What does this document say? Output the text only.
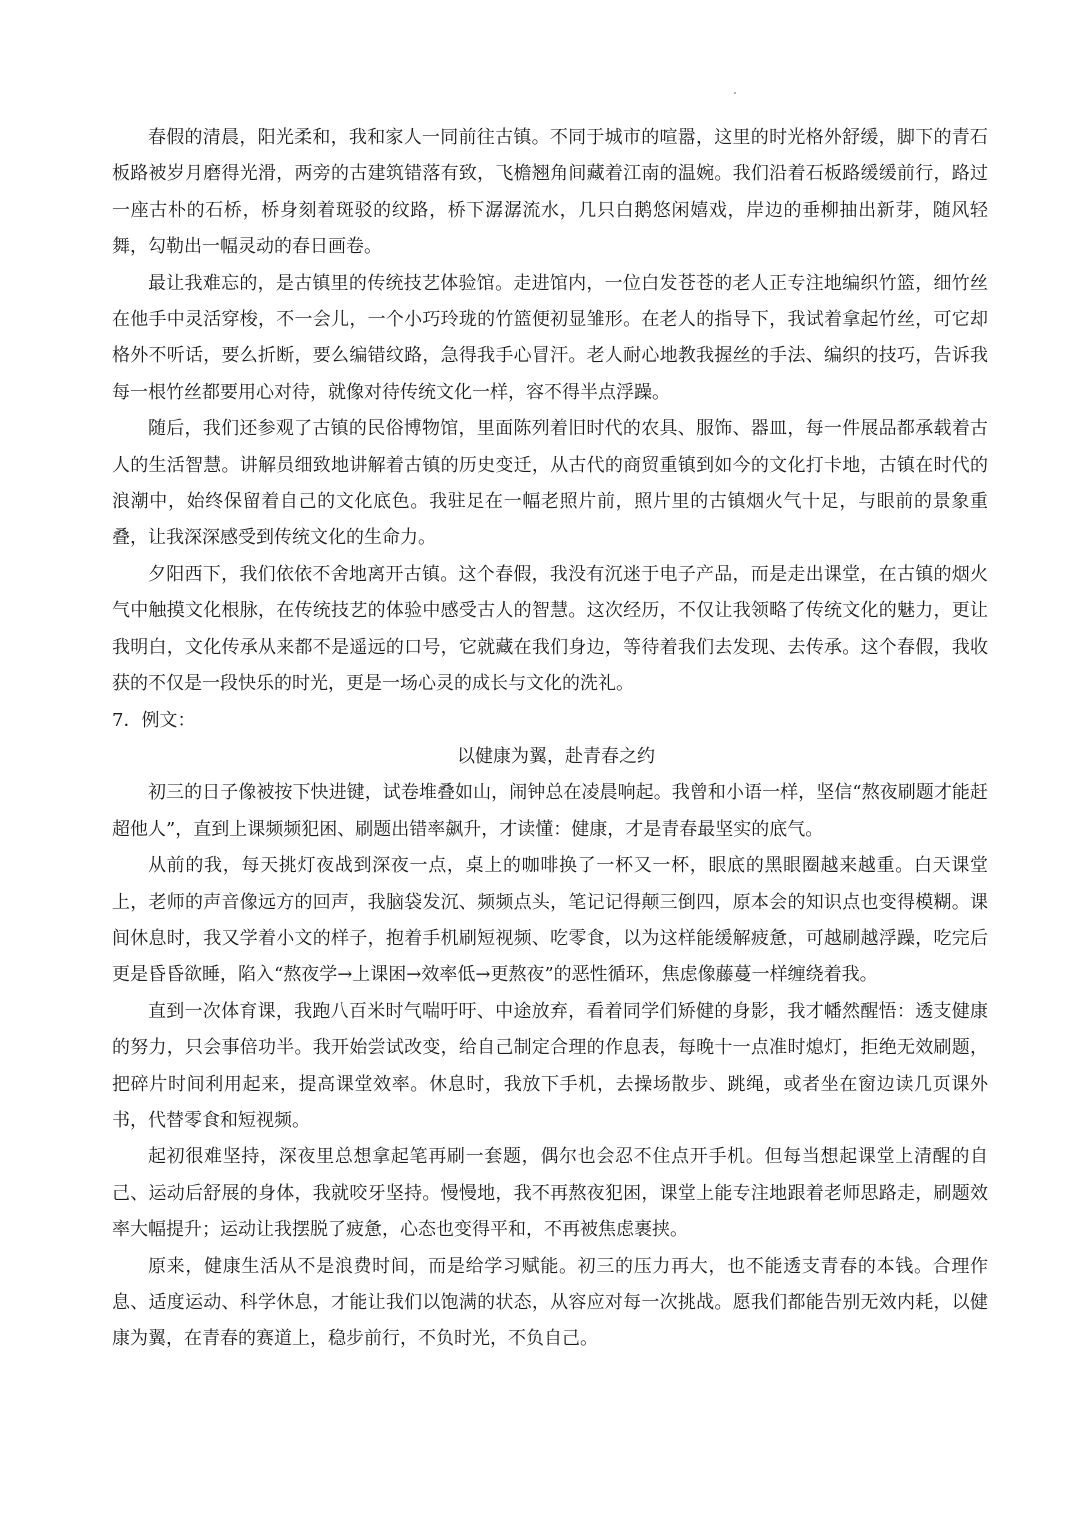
春假的清晨，阳光柔和，我和家人一同前往古镇。不同于城市的喧嚣，这里的时光格外舒缓，脚下的青石板路被岁月磨得光滑，两旁的古建筑错落有致，飞檐翘角间藏着江南的温婉。我们沿着石板路缓缓前行，路过一座古朴的石桥，桥身刻着斑驳的纹路，桥下潺潺流水，几只白鹅悠闲嬉戏，岸边的垂柳抽出新芽，随风轻舞，勾勒出一幅灵动的春日画卷。

最让我难忘的，是古镇里的传统技艺体验馆。走进馆内，一位白发苍苍的老人正专注地编织竹篮，细竹丝在他手中灵活穿梭，不一会儿，一个小巧玲珑的竹篮便初显雏形。在老人的指导下，我试着拿起竹丝，可它却格外不听话，要么折断，要么编错纹路，急得我手心冒汗。老人耐心地教我握丝的手法、编织的技巧，告诉我每一根竹丝都要用心对待，就像对待传统文化一样，容不得半点浮躁。

随后，我们还参观了古镇的民俗博物馆，里面陈列着旧时代的农具、服饰、器皿，每一件展品都承载着古人的生活智慧。讲解员细致地讲解着古镇的历史变迁，从古代的商贸重镇到如今的文化打卡地，古镇在时代的浪潮中，始终保留着自己的文化底色。我驻足在一幅老照片前，照片里的古镇烟火气十足，与眼前的景象重叠，让我深深感受到传统文化的生命力。

夕阳西下，我们依依不舍地离开古镇。这个春假，我没有沉迷于电子产品，而是走出课堂，在古镇的烟火气中触摸文化根脉，在传统技艺的体验中感受古人的智慧。这次经历，不仅让我领略了传统文化的魅力，更让我明白，文化传承从来都不是遥远的口号，它就藏在我们身边，等待着我们去发现、去传承。这个春假，我收获的不仅是一段快乐的时光，更是一场心灵的成长与文化的洗礼。

7．例文：

以健康为翼，赴青春之约

初三的日子像被按下快进键，试卷堆叠如山，闹钟总在凌晨响起。我曾和小语一样，坚信“熬夜刷题才能赶超他人”，直到上课频频犯困、刷题出错率飙升，才读懂：健康，才是青春最坚实的底气。

从前的我，每天挑灯夜战到深夜一点，桌上的咖啡换了一杯又一杯，眼底的黑眼圈越来越重。白天课堂上，老师的声音像远方的回声，我脑袋发沉、频频点头，笔记记得颠三倒四，原本会的知识点也变得模糊。课间休息时，我又学着小文的样子，抱着手机刷短视频、吃零食，以为这样能缓解疲惫，可越刷越浮躁，吃完后更是昏昏欲睡，陷入“熬夜学→上课困→效率低→更熬夜”的恶性循环，焦虑像藤蔓一样缠绕着我。

直到一次体育课，我跑八百米时气喘吁吁、中途放弃，看着同学们矫健的身影，我才幡然醒悟：透支健康的努力，只会事倍功半。我开始尝试改变，给自己制定合理的作息表，每晚十一点准时熄灯，拒绝无效刷题，把碎片时间利用起来，提高课堂效率。休息时，我放下手机，去操场散步、跳绳，或者坐在窗边读几页课外书，代替零食和短视频。

起初很难坚持，深夜里总想拿起笔再刷一套题，偶尔也会忍不住点开手机。但每当想起课堂上清醒的自己、运动后舒展的身体，我就咬牙坚持。慢慢地，我不再熬夜犯困，课堂上能专注地跟着老师思路走，刷题效率大幅提升；运动让我摆脱了疲惫，心态也变得平和，不再被焦虑裹挟。

原来，健康生活从不是浪费时间，而是给学习赋能。初三的压力再大，也不能透支青春的本钱。合理作息、适度运动、科学休息，才能让我们以饱满的状态，从容应对每一次挑战。愿我们都能告别无效内耗，以健康为翼，在青春的赛道上，稳步前行，不负时光，不负自己。
